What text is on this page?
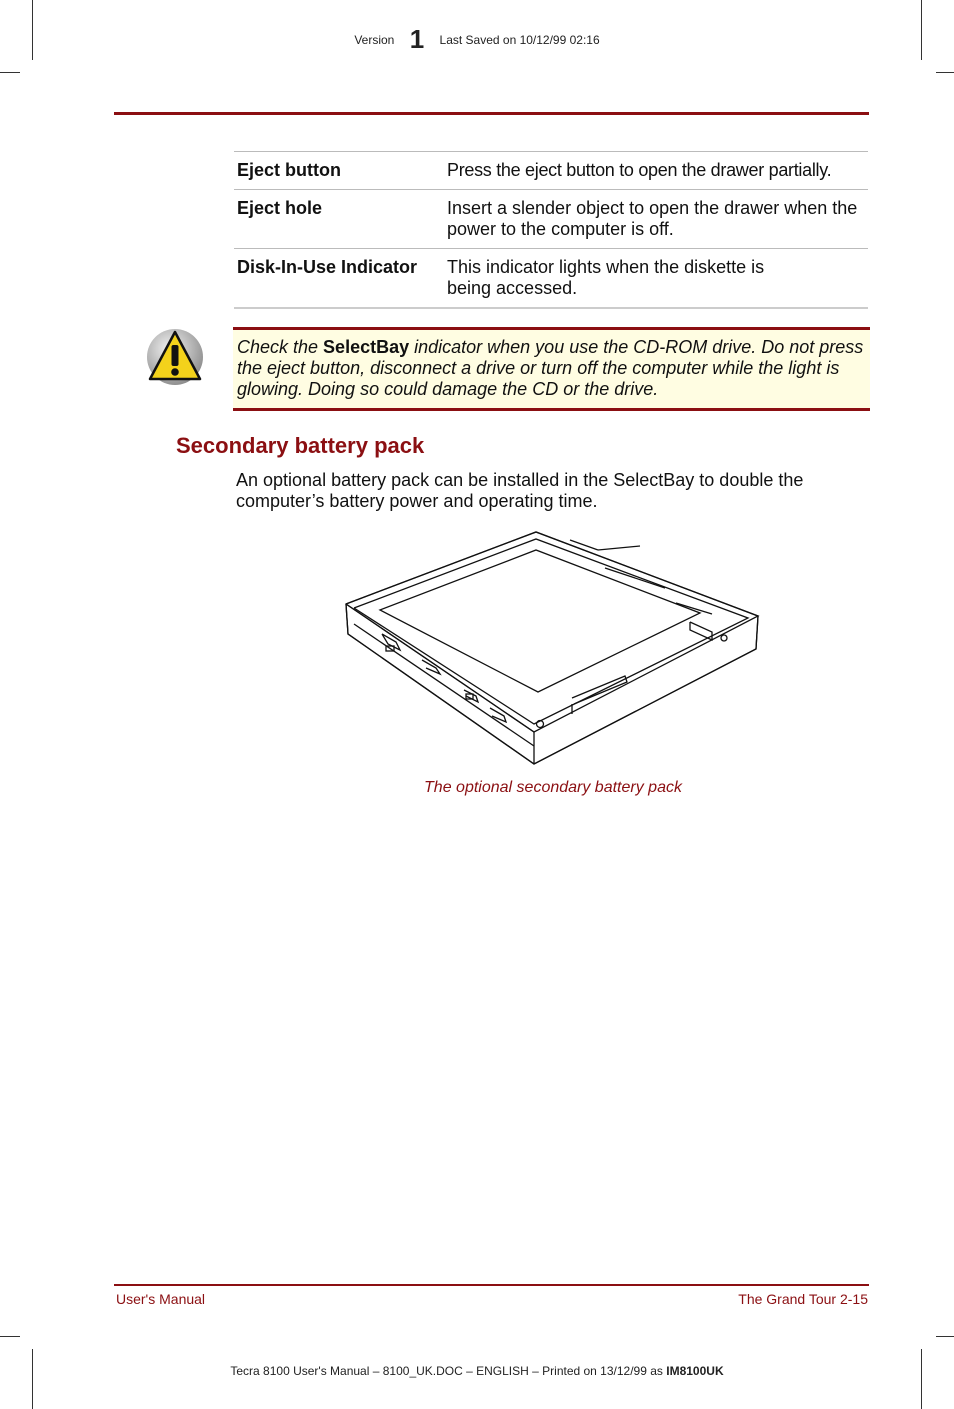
Version 1 Last Saved on 10/12/99 02:16
Eject button	Press the eject button to open the drawer partially.
Eject hole	Insert a slender object to open the drawer when the power to the computer is off.
Disk-In-Use Indicator	This indicator lights when the diskette is being accessed.

Check the SelectBay indicator when you use the CD-ROM drive. Do not press the eject button, disconnect a drive or turn off the computer while the light is glowing. Doing so could damage the CD or the drive.

Secondary battery pack
An optional battery pack can be installed in the SelectBay to double the computer’s battery power and operating time.
The optional secondary battery pack
User's Manual	The Grand Tour 2-15
Tecra 8100 User's Manual – 8100_UK.DOC – ENGLISH – Printed on 13/12/99 as IM8100UK
